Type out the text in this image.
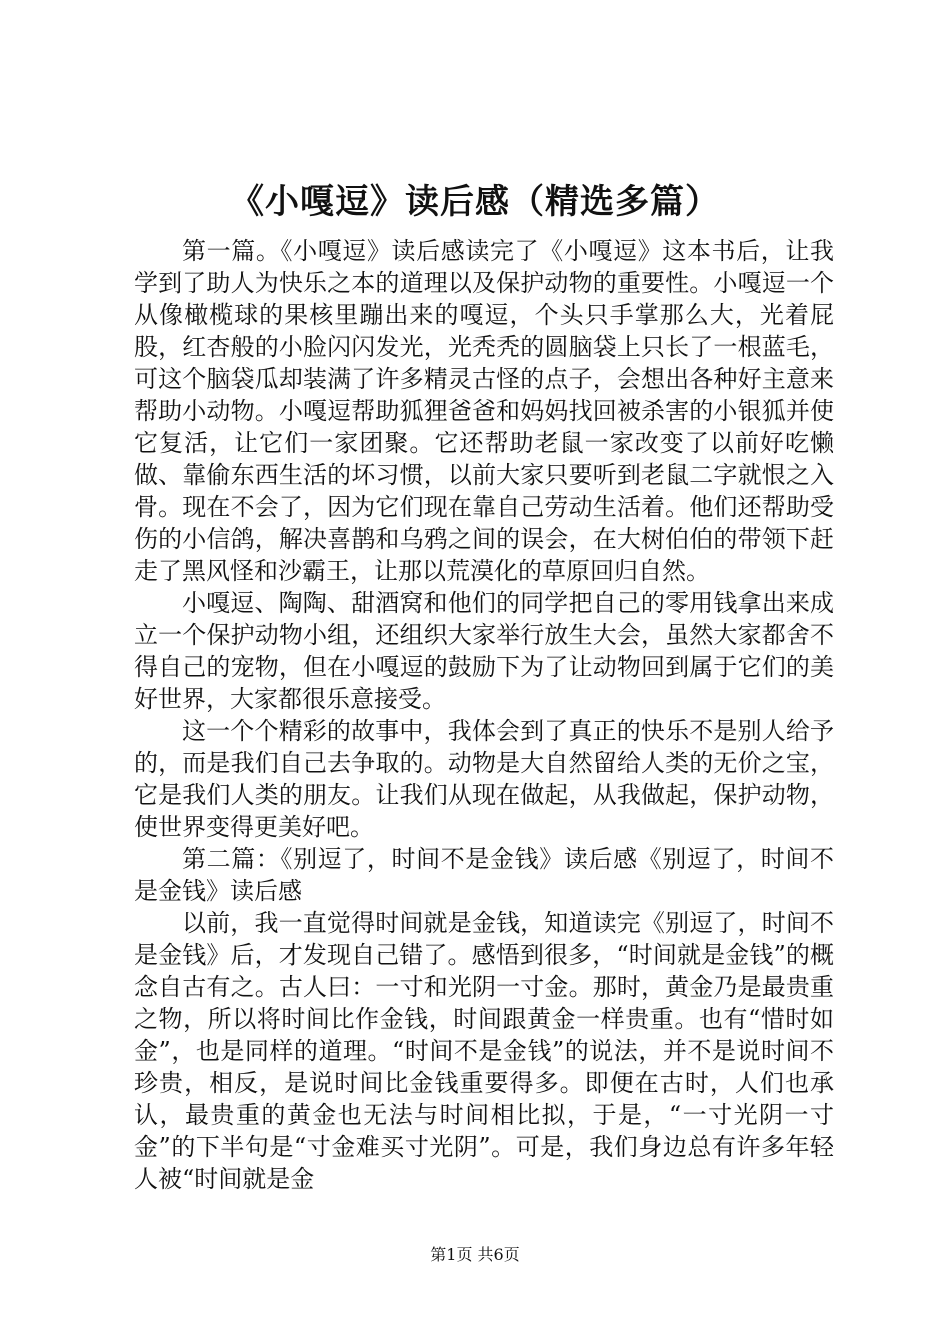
《小嘎逗》读后感（精选多篇）

第一篇。《小嘎逗》读后感读完了《小嘎逗》这本书后，让我学到了助人为快乐之本的道理以及保护动物的重要性。小嘎逗一个从像橄榄球的果核里蹦出来的嘎逗，个头只手掌那么大，光着屁股，红杏般的小脸闪闪发光，光秃秃的圆脑袋上只长了一根蓝毛，可这个脑袋瓜却装满了许多精灵古怪的点子，会想出各种好主意来帮助小动物。小嘎逗帮助狐狸爸爸和妈妈找回被杀害的小银狐并使它复活，让它们一家团聚。它还帮助老鼠一家改变了以前好吃懒做、靠偷东西生活的坏习惯，以前大家只要听到老鼠二字就恨之入骨。现在不会了，因为它们现在靠自己劳动生活着。他们还帮助受伤的小信鸽，解决喜鹊和乌鸦之间的误会，在大树伯伯的带领下赶走了黑风怪和沙霸王，让那以荒漠化的草原回归自然。

小嘎逗、陶陶、甜酒窝和他们的同学把自己的零用钱拿出来成立一个保护动物小组，还组织大家举行放生大会，虽然大家都舍不得自己的宠物，但在小嘎逗的鼓励下为了让动物回到属于它们的美好世界，大家都很乐意接受。

这一个个精彩的故事中，我体会到了真正的快乐不是别人给予的，而是我们自己去争取的。动物是大自然留给人类的无价之宝，它是我们人类的朋友。让我们从现在做起，从我做起，保护动物，使世界变得更美好吧。

第二篇：《别逗了，时间不是金钱》读后感《别逗了，时间不是金钱》读后感

以前，我一直觉得时间就是金钱，知道读完《别逗了，时间不是金钱》后，才发现自己错了。感悟到很多，“时间就是金钱”的概念自古有之。古人曰：一寸和光阴一寸金。那时，黄金乃是最贵重之物，所以将时间比作金钱，时间跟黄金一样贵重。也有“惜时如金”，也是同样的道理。“时间不是金钱”的说法，并不是说时间不珍贵，相反，是说时间比金钱重要得多。即便在古时，人们也承认，最贵重的黄金也无法与时间相比拟，于是，“一寸光阴一寸金”的下半句是“寸金难买寸光阴”。可是，我们身边总有许多年轻人被“时间就是金

第1页 共6页
